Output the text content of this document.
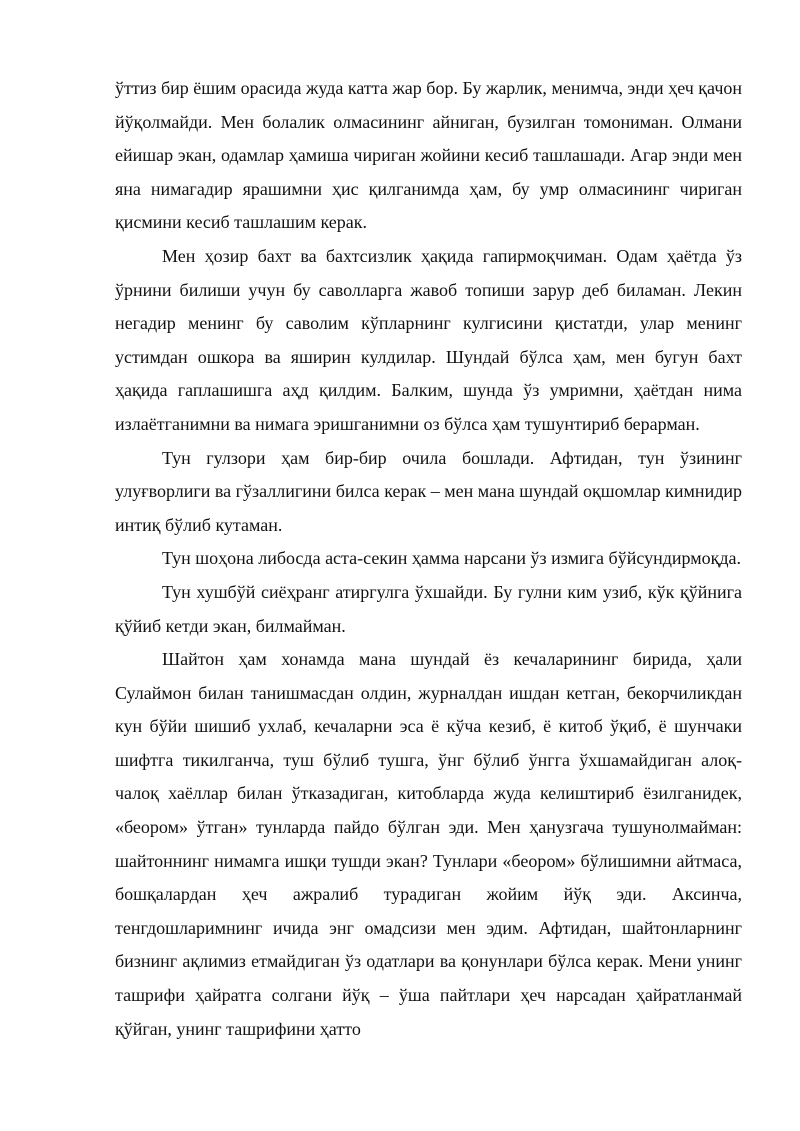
ўттиз бир ёшим орасида жуда катта жар бор. Бу жарлик, менимча, энди ҳеч қачон йўқолмайди. Мен болалик олмасининг айниган, бузилган томониман. Олмани ейишар экан, одамлар ҳамиша чириган жойини кесиб ташлашади. Агар энди мен яна нимагадир ярашимни ҳис қилганимда ҳам, бу умр олмасининг чириган қисмини кесиб ташлашим керак.

Мен ҳозир бахт ва бахтсизлик ҳақида гапирмоқчиман. Одам ҳаётда ўз ўрнини билиши учун бу саволларга жавоб топиши зарур деб биламан. Лекин негадир менинг бу саволим кўпларнинг кулгисини қистатди, улар менинг устимдан ошкора ва яширин кулдилар. Шундай бўлса ҳам, мен бугун бахт ҳақида гаплашишга аҳд қилдим. Балким, шунда ўз умримни, ҳаётдан нима излаётганимни ва нимага эришганимни оз бўлса ҳам тушунтириб берарман.

Тун гулзори ҳам бир-бир очила бошлади. Афтидан, тун ўзининг улуғворлиги ва гўзаллигини билса керак – мен мана шундай оқшомлар кимнидир интиқ бўлиб кутаман.

Тун шоҳона либосда аста-секин ҳамма нарсани ўз измига бўйсундирмоқда.

Тун хушбўй сиёҳранг атиргулга ўхшайди. Бу гулни ким узиб, кўк қўйнига қўйиб кетди экан, билмайман.

Шайтон ҳам хонамда мана шундай ёз кечаларининг бирида, ҳали Сулаймон билан танишмасдан олдин, журналдан ишдан кетган, бекорчиликдан кун бўйи шишиб ухлаб, кечаларни эса ё кўча кезиб, ё китоб ўқиб, ё шунчаки шифтга тикилганча, туш бўлиб тушга, ўнг бўлиб ўнгга ўхшамайдиган алоқ-чалоқ хаёллар билан ўтказадиган, китобларда жуда келиштириб ёзилганидек, «беором» ўтган» тунларда пайдо бўлган эди. Мен ҳанузгача тушунолмайман: шайтоннинг нимамга ишқи тушди экан? Тунлари «беором» бўлишимни айтмаса, бошқалардан ҳеч ажралиб турадиган жойим йўқ эди. Аксинча, тенгдошларимнинг ичида энг омадсизи мен эдим. Афтидан, шайтонларнинг бизнинг ақлимиз етмайдиган ўз одатлари ва қонунлари бўлса керак. Мени унинг ташрифи ҳайратга солгани йўқ – ўша пайтлари ҳеч нарсадан ҳайратланмай қўйган, унинг ташрифини ҳатто
